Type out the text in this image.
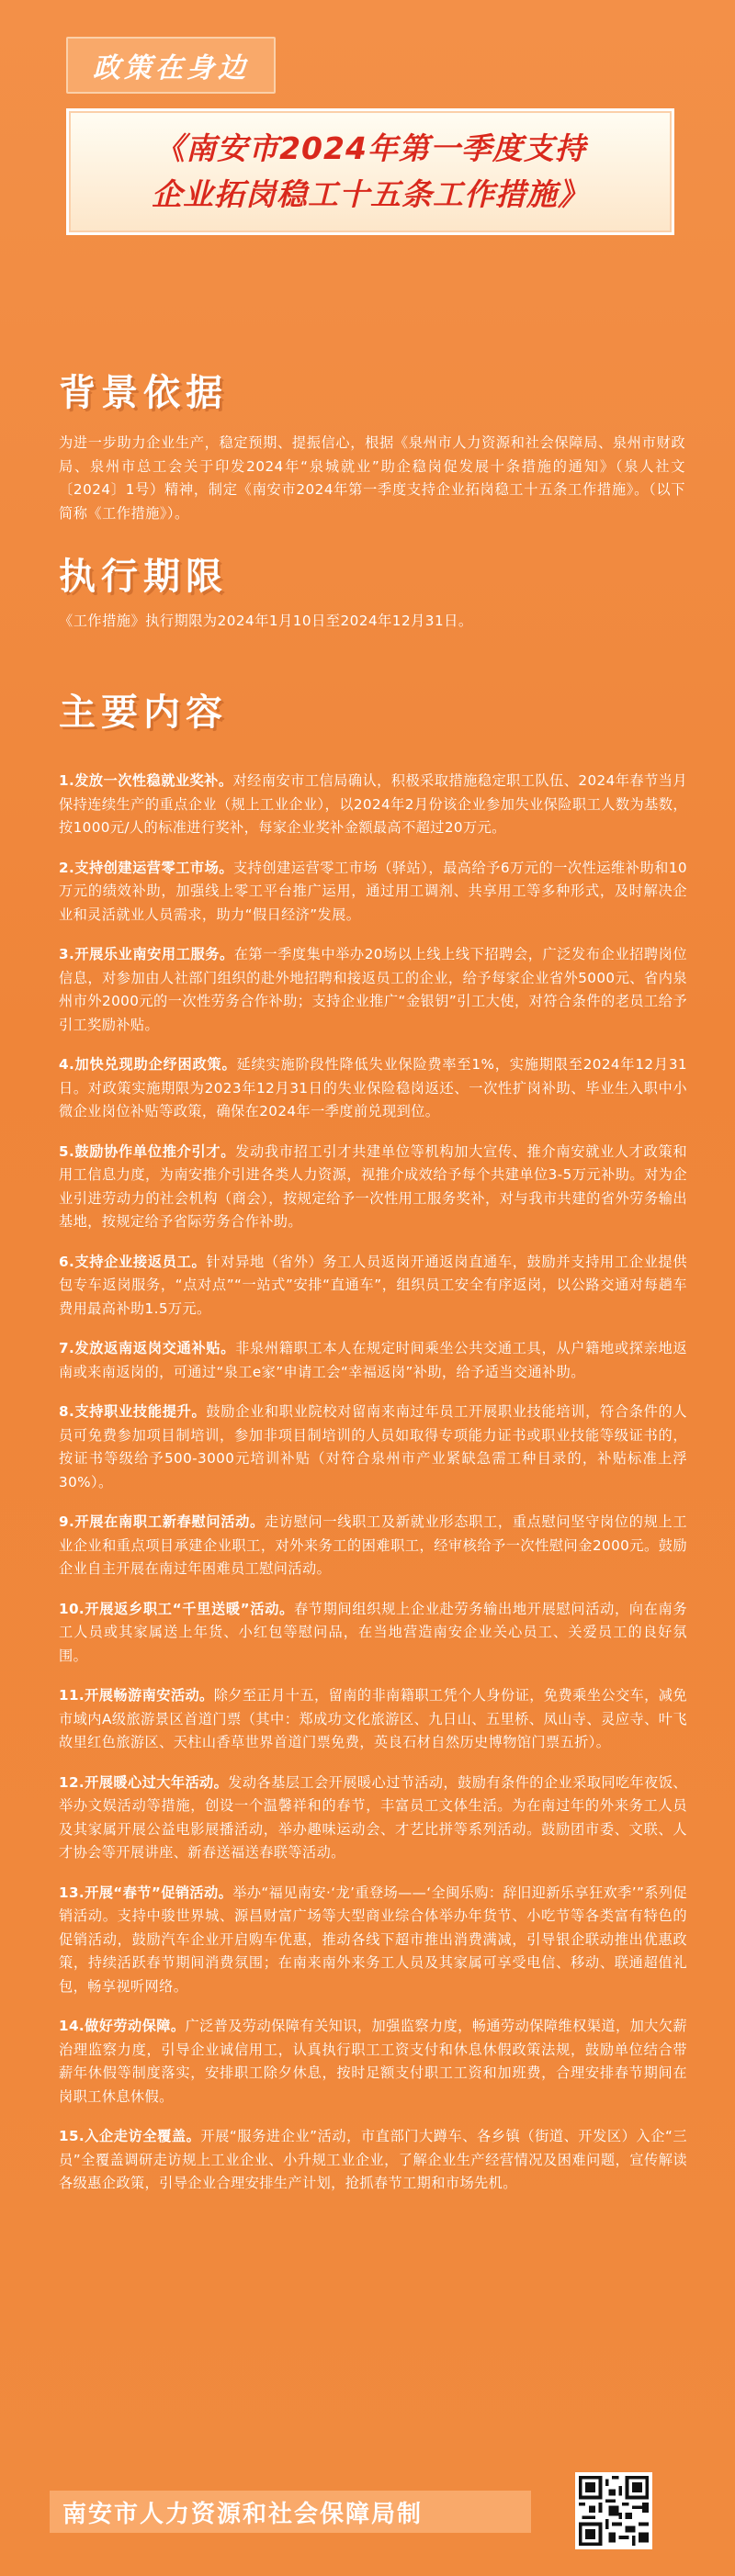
政策在身边
《南安市2024年第一季度支持
企业拓岗稳工十五条工作措施》
背景依据
为进一步助力企业生产，稳定预期、提振信心，根据《泉州市人力资源和社会保障局、泉州市财政局、泉州市总工会关于印发2024年“泉城就业”助企稳岗促发展十条措施的通知》（泉人社文〔2024〕1号）精神，制定《南安市2024年第一季度支持企业拓岗稳工十五条工作措施》。（以下简称《工作措施》）。
执行期限
《工作措施》执行期限为2024年1月10日至2024年12月31日。
主要内容
1.发放一次性稳就业奖补。对经南安市工信局确认，积极采取措施稳定职工队伍、2024年春节当月保持连续生产的重点企业（规上工业企业），以2024年2月份该企业参加失业保险职工人数为基数，按1000元/人的标准进行奖补，每家企业奖补金额最高不超过20万元。
2.支持创建运营零工市场。支持创建运营零工市场（驿站），最高给予6万元的一次性运维补助和10万元的绩效补助，加强线上零工平台推广运用，通过用工调剂、共享用工等多种形式，及时解决企业和灵活就业人员需求，助力“假日经济”发展。
3.开展乐业南安用工服务。在第一季度集中举办20场以上线上线下招聘会，广泛发布企业招聘岗位信息，对参加由人社部门组织的赴外地招聘和接返员工的企业，给予每家企业省外5000元、省内泉州市外2000元的一次性劳务合作补助；支持企业推广“金银钥”引工大使，对符合条件的老员工给予引工奖励补贴。
4.加快兑现助企纾困政策。延续实施阶段性降低失业保险费率至1%，实施期限至2024年12月31日。对政策实施期限为2023年12月31日的失业保险稳岗返还、一次性扩岗补助、毕业生入职中小微企业岗位补贴等政策，确保在2024年一季度前兑现到位。
5.鼓励协作单位推介引才。发动我市招工引才共建单位等机构加大宣传、推介南安就业人才政策和用工信息力度，为南安推介引进各类人力资源，视推介成效给予每个共建单位3-5万元补助。对为企业引进劳动力的社会机构（商会），按规定给予一次性用工服务奖补，对与我市共建的省外劳务输出基地，按规定给予省际劳务合作补助。
6.支持企业接返员工。针对异地（省外）务工人员返岗开通返岗直通车，鼓励并支持用工企业提供包专车返岗服务，“点对点”“一站式”安排“直通车”，组织员工安全有序返岗，以公路交通对每趟车费用最高补助1.5万元。
7.发放返南返岗交通补贴。非泉州籍职工本人在规定时间乘坐公共交通工具，从户籍地或探亲地返南或来南返岗的，可通过“泉工e家”申请工会“幸福返岗”补助，给予适当交通补助。
8.支持职业技能提升。鼓励企业和职业院校对留南来南过年员工开展职业技能培训，符合条件的人员可免费参加项目制培训，参加非项目制培训的人员如取得专项能力证书或职业技能等级证书的，按证书等级给予500-3000元培训补贴（对符合泉州市产业紧缺急需工种目录的，补贴标准上浮30%）。
9.开展在南职工新春慰问活动。走访慰问一线职工及新就业形态职工，重点慰问坚守岗位的规上工业企业和重点项目承建企业职工，对外来务工的困难职工，经审核给予一次性慰问金2000元。鼓励企业自主开展在南过年困难员工慰问活动。
10.开展返乡职工“千里送暖”活动。春节期间组织规上企业赴劳务输出地开展慰问活动，向在南务工人员或其家属送上年货、小红包等慰问品，在当地营造南安企业关心员工、关爱员工的良好氛围。
11.开展畅游南安活动。除夕至正月十五，留南的非南籍职工凭个人身份证，免费乘坐公交车，减免市域内A级旅游景区首道门票（其中：郑成功文化旅游区、九日山、五里桥、凤山寺、灵应寺、叶飞故里红色旅游区、天柱山香草世界首道门票免费，英良石材自然历史博物馆门票五折）。
12.开展暖心过大年活动。发动各基层工会开展暖心过节活动，鼓励有条件的企业采取同吃年夜饭、举办文娱活动等措施，创设一个温馨祥和的春节，丰富员工文体生活。为在南过年的外来务工人员及其家属开展公益电影展播活动，举办趣味运动会、才艺比拼等系列活动。鼓励团市委、文联、人才协会等开展讲座、新春送福送春联等活动。
13.开展“春节”促销活动。举办“福见南安·‘龙’重登场——‘全闽乐购：辞旧迎新乐享狂欢季’”系列促销活动。支持中骏世界城、源昌财富广场等大型商业综合体举办年货节、小吃节等各类富有特色的促销活动，鼓励汽车企业开启购车优惠，推动各线下超市推出消费满减，引导银企联动推出优惠政策，持续活跃春节期间消费氛围；在南来南外来务工人员及其家属可享受电信、移动、联通超值礼包，畅享视听网络。
14.做好劳动保障。广泛普及劳动保障有关知识，加强监察力度，畅通劳动保障维权渠道，加大欠薪治理监察力度，引导企业诚信用工，认真执行职工工资支付和休息休假政策法规，鼓励单位结合带薪年休假等制度落实，安排职工除夕休息，按时足额支付职工工资和加班费，合理安排春节期间在岗职工休息休假。
15.入企走访全覆盖。开展“服务进企业”活动，市直部门大蹲车、各乡镇（街道、开发区）入企“三员”全覆盖调研走访规上工业企业、小升规工业企业，了解企业生产经营情况及困难问题，宣传解读各级惠企政策，引导企业合理安排生产计划，抢抓春节工期和市场先机。
南安市人力资源和社会保障局制
